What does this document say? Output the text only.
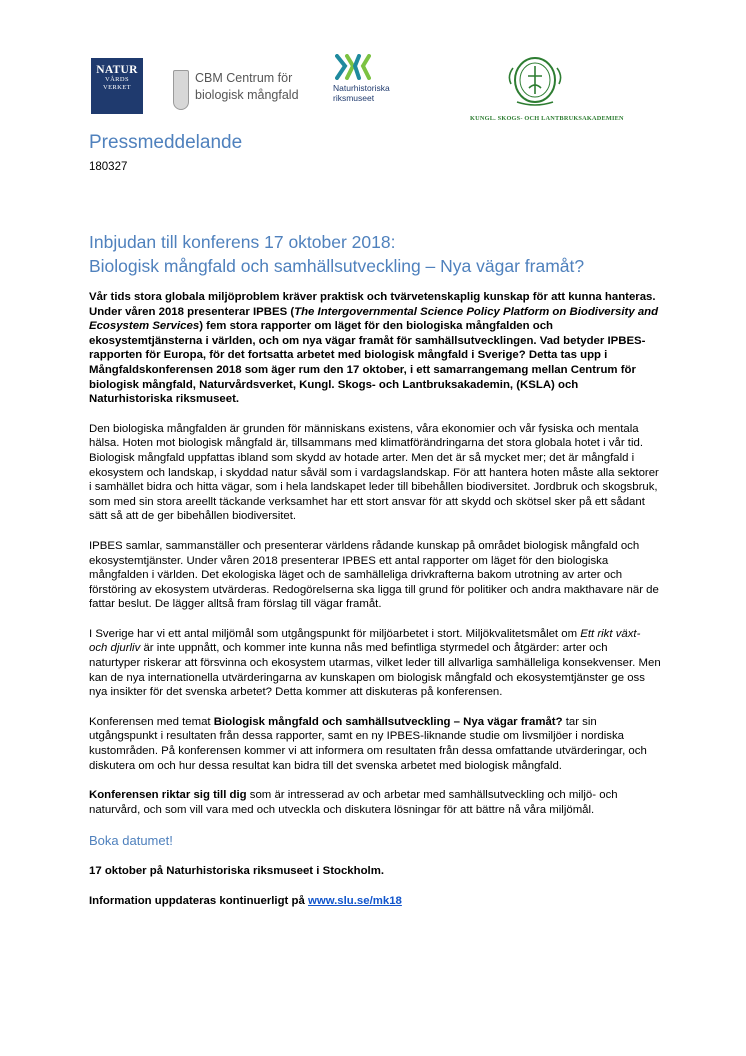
NATUR
VÅRDS
VERKET
CBM Centrum för
biologisk mångfald	Naturhistoriska
riksmuseet
KUNGL. SKOGS- OCH LANTBRUKSAKADEMIEN
Pressmeddelande
180327
Inbjudan till konferens 17 oktober 2018:
Biologisk mångfald och samhällsutveckling – Nya vägar framåt?

Vår tids stora globala miljöproblem kräver praktisk och tvärvetenskaplig kunskap för att kunna hanteras. Under våren 2018 presenterar IPBES (The Intergovernmental Science Policy Platform on Biodiversity and Ecosystem Services) fem stora rapporter om läget för den biologiska mångfalden och ekosystemtjänsterna i världen, och om nya vägar framåt för samhällsutvecklingen. Vad betyder IPBES-rapporten för Europa, för det fortsatta arbetet med biologisk mångfald i Sverige? Detta tas upp i Mångfaldskonferensen 2018 som äger rum den 17 oktober, i ett samarrangemang mellan Centrum för biologisk mångfald, Naturvårdsverket, Kungl. Skogs- och Lantbruksakademin, (KSLA) och Naturhistoriska riksmuseet.

Den biologiska mångfalden är grunden för människans existens, våra ekonomier och vår fysiska och mentala hälsa. Hoten mot biologisk mångfald är, tillsammans med klimatförändringarna det stora globala hotet i vår tid. Biologisk mångfald uppfattas ibland som skydd av hotade arter. Men det är så mycket mer; det är mångfald i ekosystem och landskap, i skyddad natur såväl som i vardagslandskap. För att hantera hoten måste alla sektorer i samhället bidra och hitta vägar, som i hela landskapet leder till bibehållen biodiversitet. Jordbruk och skogsbruk, som med sin stora areellt täckande verksamhet har ett stort ansvar för att skydd och skötsel sker på ett sådant sätt så att de ger bibehållen biodiversitet.

IPBES samlar, sammanställer och presenterar världens rådande kunskap på området biologisk mångfald och ekosystemtjänster. Under våren 2018 presenterar IPBES ett antal rapporter om läget för den biologiska mångfalden i världen. Det ekologiska läget och de samhälleliga drivkrafterna bakom utrotning av arter och förstöring av ekosystem utvärderas. Redogörelserna ska ligga till grund för politiker och andra makthavare när de fattar beslut. De lägger alltså fram förslag till vägar framåt.

I Sverige har vi ett antal miljömål som utgångspunkt för miljöarbetet i stort. Miljökvalitetsmålet om Ett rikt växt- och djurliv är inte uppnått, och kommer inte kunna nås med befintliga styrmedel och åtgärder: arter och naturtyper riskerar att försvinna och ekosystem utarmas, vilket leder till allvarliga samhälleliga konsekvenser. Men kan de nya internationella utvärderingarna av kunskapen om biologisk mångfald och ekosystemtjänster ge oss nya insikter för det svenska arbetet? Detta kommer att diskuteras på konferensen.

Konferensen med temat Biologisk mångfald och samhällsutveckling – Nya vägar framåt? tar sin utgångspunkt i resultaten från dessa rapporter, samt en ny IPBES-liknande studie om livsmiljöer i nordiska kustområden. På konferensen kommer vi att informera om resultaten från dessa omfattande utvärderingar, och diskutera om och hur dessa resultat kan bidra till det svenska arbetet med biologisk mångfald.

Konferensen riktar sig till dig som är intresserad av och arbetar med samhällsutveckling och miljö- och naturvård, och som vill vara med och utveckla och diskutera lösningar för att bättre nå våra miljömål.

Boka datumet!

17 oktober på Naturhistoriska riksmuseet i Stockholm.

Information uppdateras kontinuerligt på www.slu.se/mk18
